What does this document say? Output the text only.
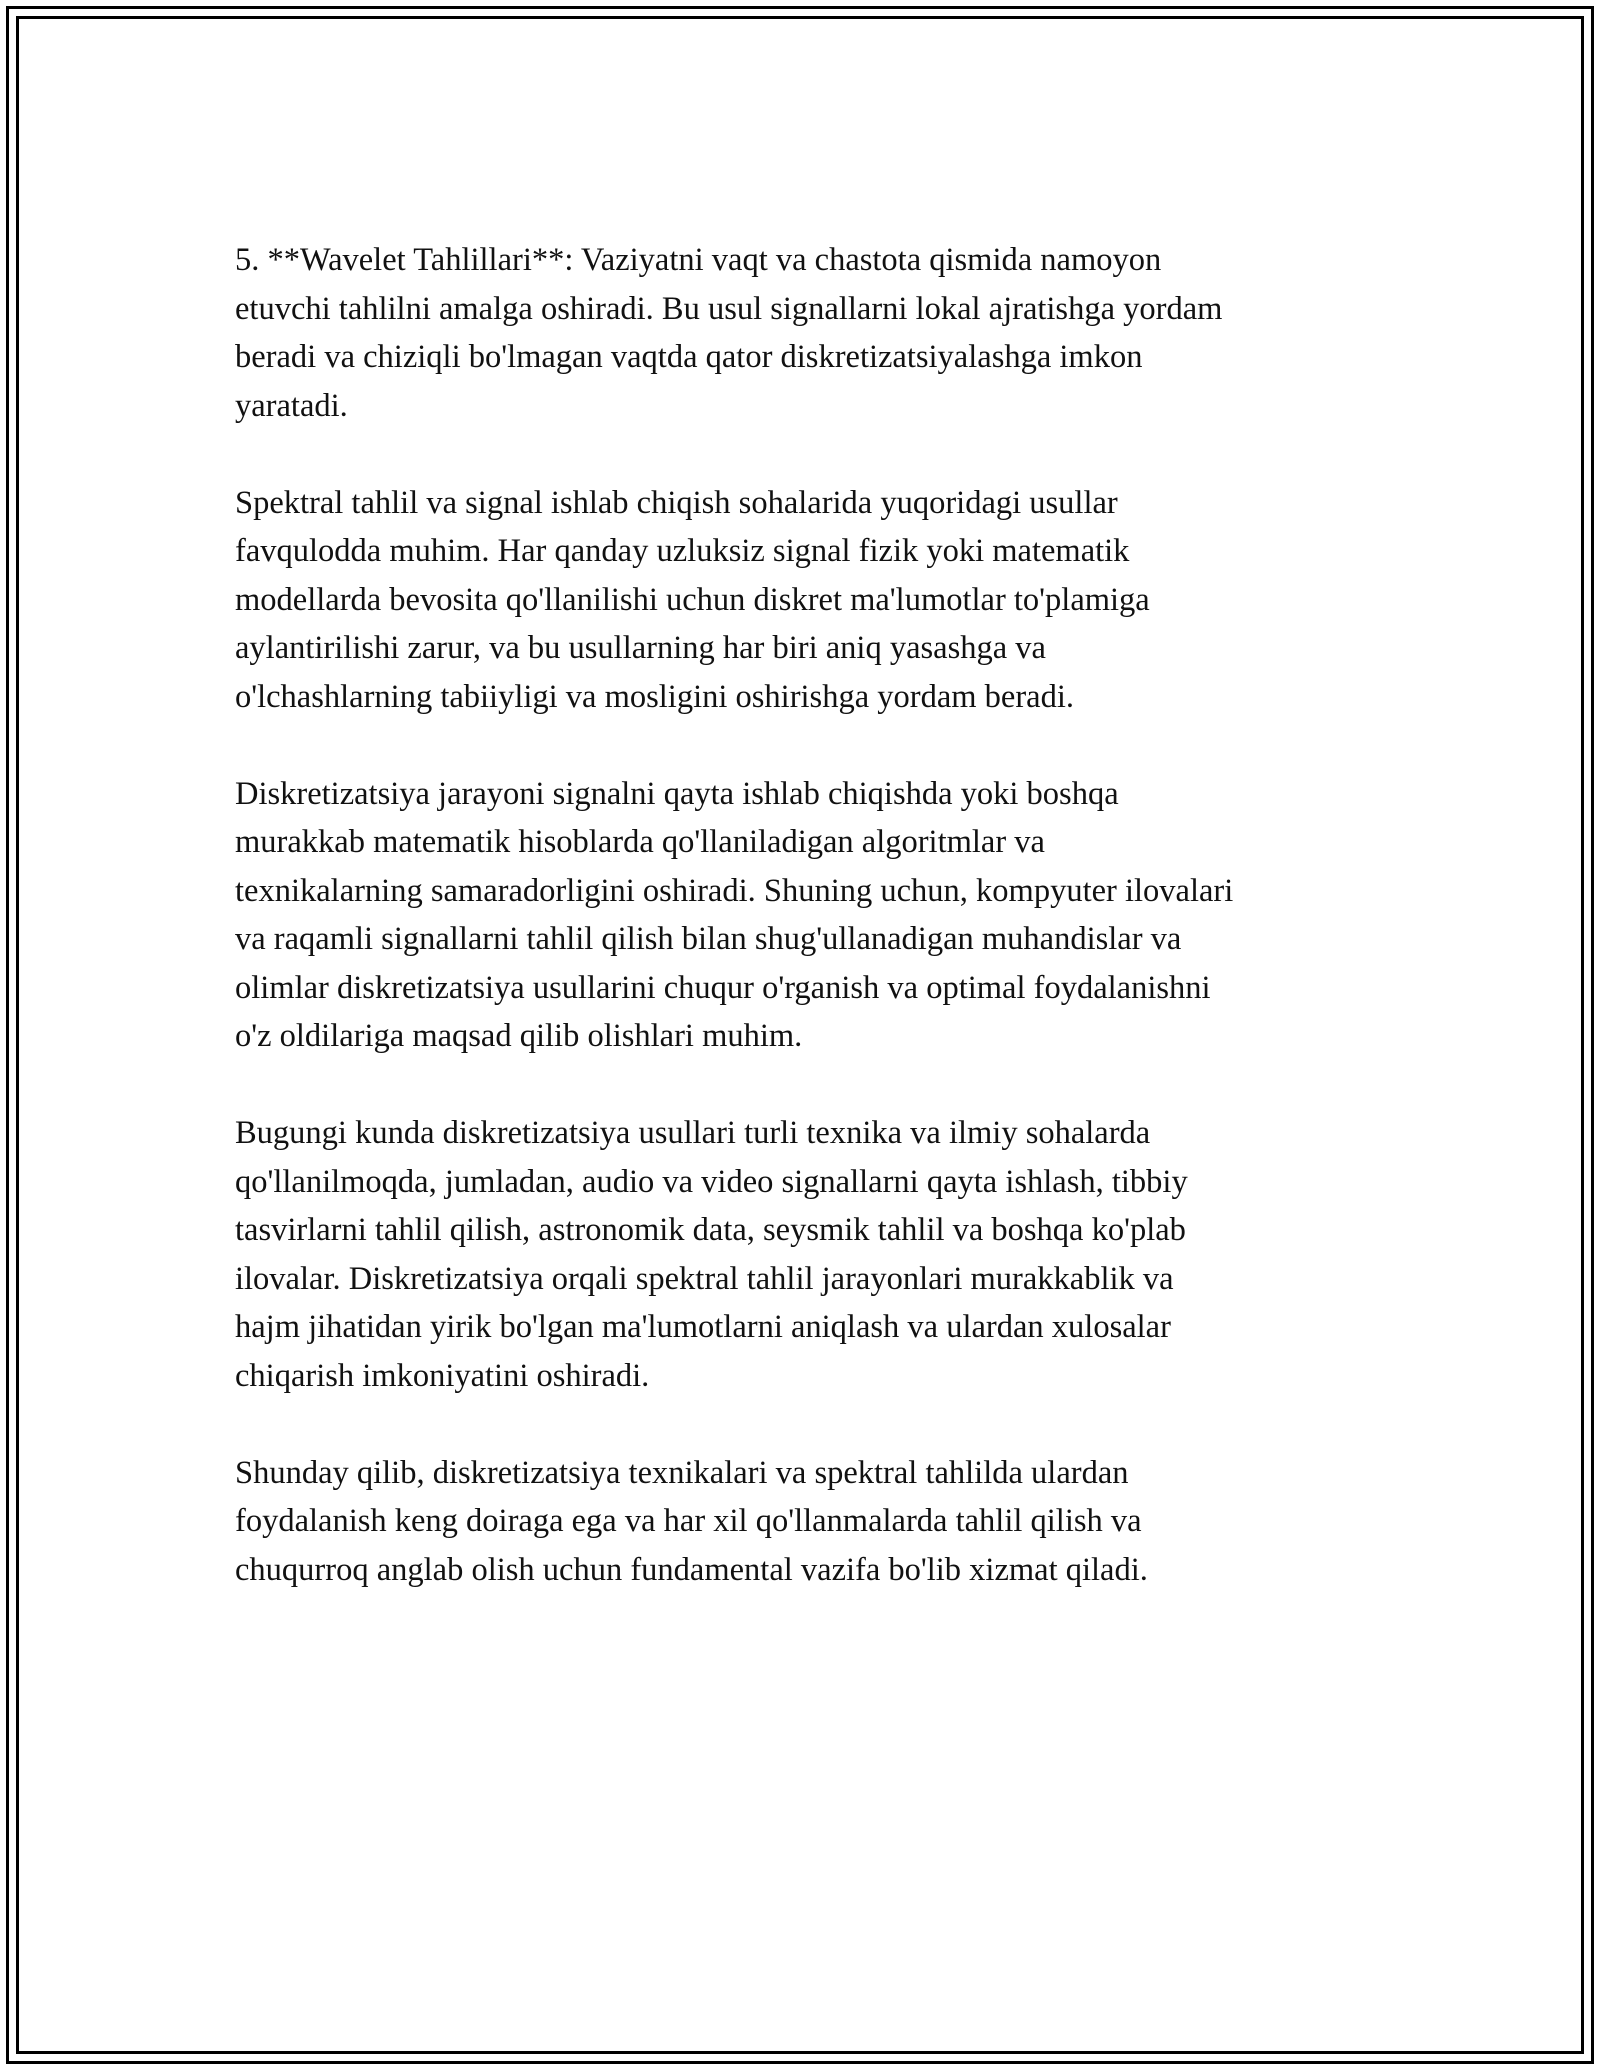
5. **Wavelet Tahlillari**: Vaziyatni vaqt va chastota qismida namoyon
etuvchi tahlilni amalga oshiradi. Bu usul signallarni lokal ajratishga yordam
beradi va chiziqli bo'lmagan vaqtda qator diskretizatsiyalashga imkon
yaratadi.

Spektral tahlil va signal ishlab chiqish sohalarida yuqoridagi usullar
favqulodda muhim. Har qanday uzluksiz signal fizik yoki matematik
modellarda bevosita qo'llanilishi uchun diskret ma'lumotlar to'plamiga
aylantirilishi zarur, va bu usullarning har biri aniq yasashga va
o'lchashlarning tabiiyligi va mosligini oshirishga yordam beradi.

Diskretizatsiya jarayoni signalni qayta ishlab chiqishda yoki boshqa
murakkab matematik hisoblarda qo'llaniladigan algoritmlar va
texnikalarning samaradorligini oshiradi. Shuning uchun, kompyuter ilovalari
va raqamli signallarni tahlil qilish bilan shug'ullanadigan muhandislar va
olimlar diskretizatsiya usullarini chuqur o'rganish va optimal foydalanishni
o'z oldilariga maqsad qilib olishlari muhim.

Bugungi kunda diskretizatsiya usullari turli texnika va ilmiy sohalarda
qo'llanilmoqda, jumladan, audio va video signallarni qayta ishlash, tibbiy
tasvirlarni tahlil qilish, astronomik data, seysmik tahlil va boshqa ko'plab
ilovalar. Diskretizatsiya orqali spektral tahlil jarayonlari murakkablik va
hajm jihatidan yirik bo'lgan ma'lumotlarni aniqlash va ulardan xulosalar
chiqarish imkoniyatini oshiradi.

Shunday qilib, diskretizatsiya texnikalari va spektral tahlilda ulardan
foydalanish keng doiraga ega va har xil qo'llanmalarda tahlil qilish va
chuqurroq anglab olish uchun fundamental vazifa bo'lib xizmat qiladi.
